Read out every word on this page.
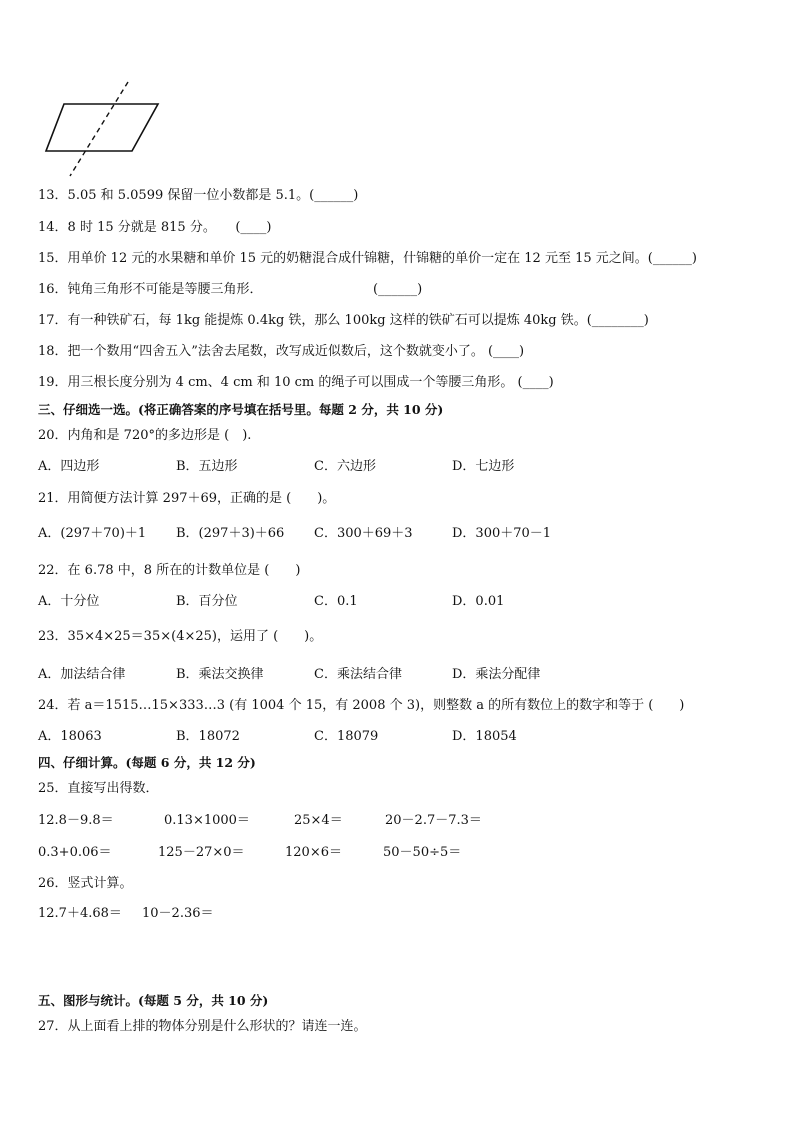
13．5.05 和 5.0599 保留一位小数都是 5.1。(______)
14．8 时 15 分就是 815 分。　　(____)
15．用单价 12 元的水果糖和单价 15 元的奶糖混合成什锦糖，什锦糖的单价一定在 12 元至 15 元之间。(______)
16．钝角三角形不可能是等腰三角形．　　　　　　　　　(______)
17．有一种铁矿石，每 1kg 能提炼 0.4kg 铁，那么 100kg 这样的铁矿石可以提炼 40kg 铁。(________)
18．把一个数用“四舍五入”法舍去尾数，改写成近似数后，这个数就变小了。 (____)
19．用三根长度分别为 4 cm、4 cm 和 10 cm 的绳子可以围成一个等腰三角形。 (____)
三、仔细选一选。(将正确答案的序号填在括号里。每题 2 分，共 10 分)
20．内角和是 720°的多边形是 (　).
A．四边形	B．五边形	C．六边形	D．七边形
21．用简便方法计算 297＋69，正确的是 (　　)。
A．(297＋70)＋1 B．(297＋3)＋66 C．300＋69＋3	D．300＋70－1
22．在 6.78 中，8 所在的计数单位是 (　　)
A．十分位	B．百分位	C．0.1	D．0.01
23．35×4×25＝35×(4×25)，运用了 (　　)。
A．加法结合律	B．乘法交换律	C．乘法结合律	D．乘法分配律
24．若 a＝1515…15×333…3 (有 1004 个 15，有 2008 个 3)，则整数 a 的所有数位上的数字和等于 (　　)
A．18063	B．18072	C．18079	D．18054
四、仔细计算。(每题 6 分，共 12 分)
25．直接写出得数．
12.8－9.8＝	0.13×1000＝	25×4＝	20－2.7－7.3＝
0.3+0.06＝	125－27×0＝	120×6＝	50－50÷5＝
26．竖式计算。
12.7＋4.68＝ 10－2.36＝
五、图形与统计。(每题 5 分，共 10 分)
27．从上面看上排的物体分别是什么形状的？请连一连。
